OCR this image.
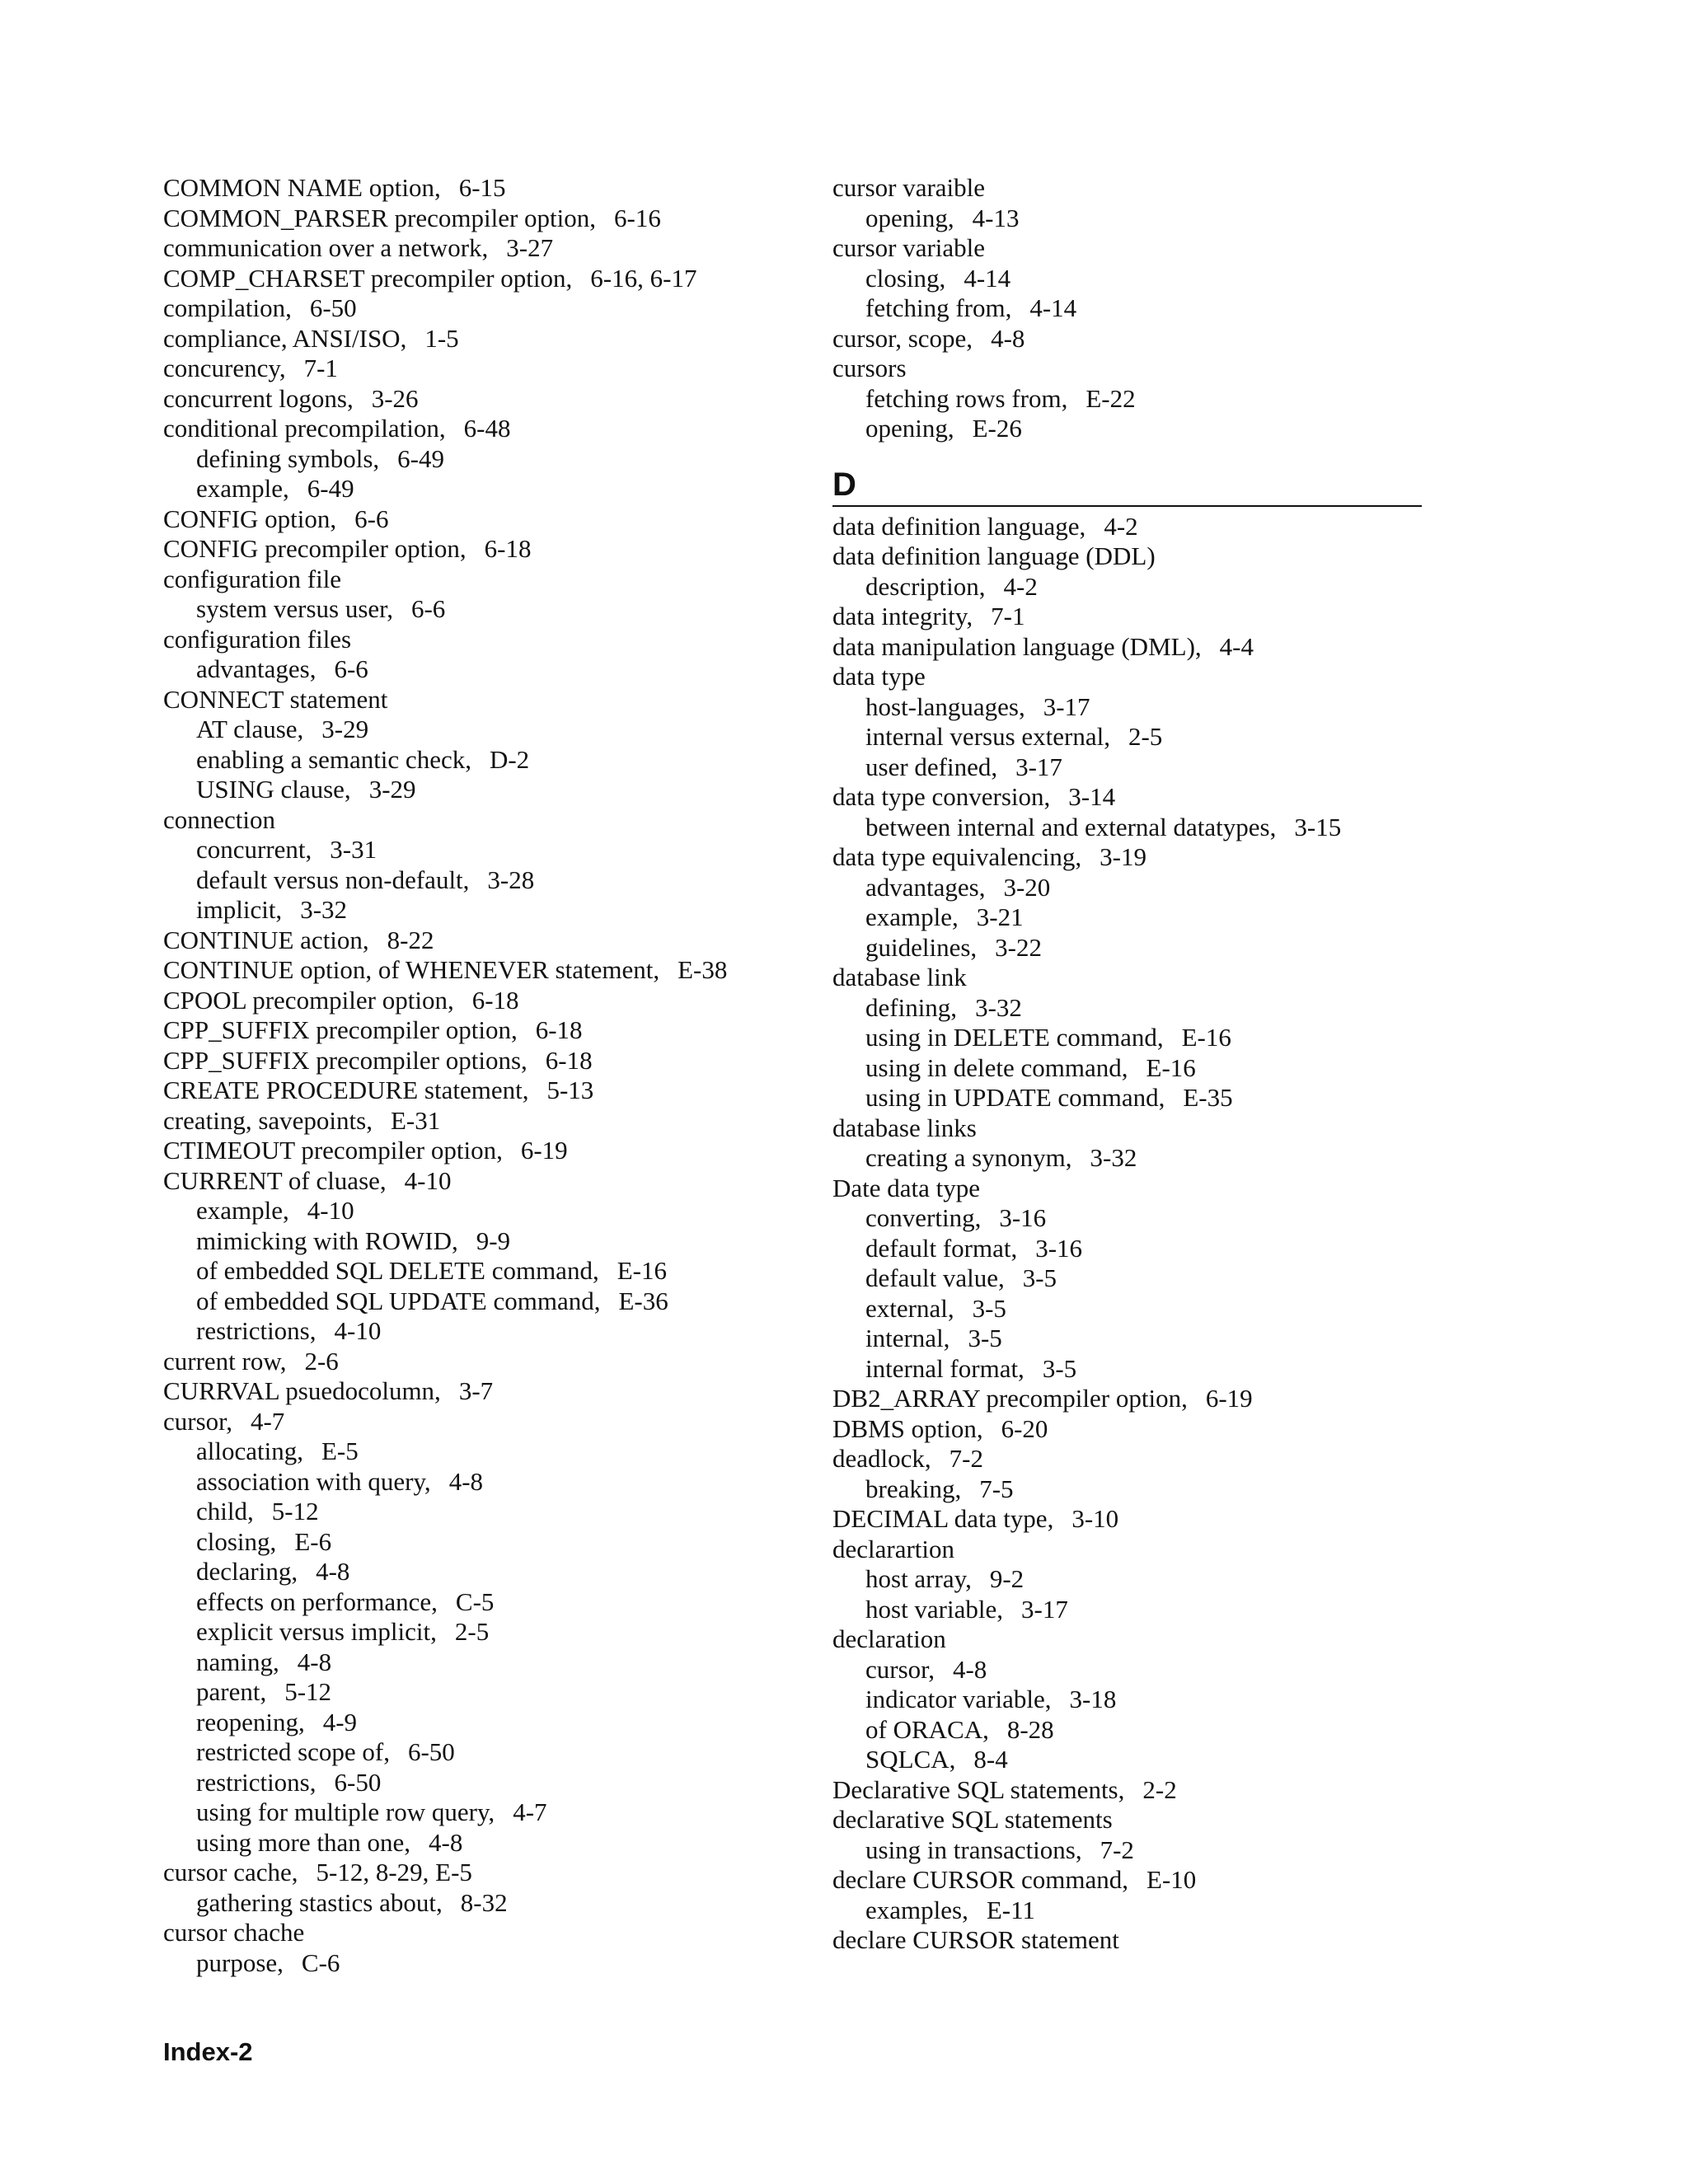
COMMON NAME option, 6-15
COMMON_PARSER precompiler option, 6-16
communication over a network, 3-27
COMP_CHARSET precompiler option, 6-16, 6-17
compilation, 6-50
compliance, ANSI/ISO, 1-5
concurency, 7-1
concurrent logons, 3-26
conditional precompilation, 6-48
defining symbols, 6-49
example, 6-49
CONFIG option, 6-6
CONFIG precompiler option, 6-18
configuration file
system versus user, 6-6
configuration files
advantages, 6-6
CONNECT statement
AT clause, 3-29
enabling a semantic check, D-2
USING clause, 3-29
connection
concurrent, 3-31
default versus non-default, 3-28
implicit, 3-32
CONTINUE action, 8-22
CONTINUE option, of WHENEVER statement, E-38
CPOOL precompiler option, 6-18
CPP_SUFFIX precompiler option, 6-18
CPP_SUFFIX precompiler options, 6-18
CREATE PROCEDURE statement, 5-13
creating, savepoints, E-31
CTIMEOUT precompiler option, 6-19
CURRENT of cluase, 4-10
example, 4-10
mimicking with ROWID, 9-9
of embedded SQL DELETE command, E-16
of embedded SQL UPDATE command, E-36
restrictions, 4-10
current row, 2-6
CURRVAL psuedocolumn, 3-7
cursor, 4-7
allocating, E-5
association with query, 4-8
child, 5-12
closing, E-6
declaring, 4-8
effects on performance, C-5
explicit versus implicit, 2-5
naming, 4-8
parent, 5-12
reopening, 4-9
restricted scope of, 6-50
restrictions, 6-50
using for multiple row query, 4-7
using more than one, 4-8
cursor cache, 5-12, 8-29, E-5
gathering stastics about, 8-32
cursor chache
purpose, C-6
cursor varaible
opening, 4-13
cursor variable
closing, 4-14
fetching from, 4-14
cursor, scope, 4-8
cursors
fetching rows from, E-22
opening, E-26
D
data definition language, 4-2
data definition language (DDL)
description, 4-2
data integrity, 7-1
data manipulation language (DML), 4-4
data type
host-languages, 3-17
internal versus external, 2-5
user defined, 3-17
data type conversion, 3-14
between internal and external datatypes, 3-15
data type equivalencing, 3-19
advantages, 3-20
example, 3-21
guidelines, 3-22
database link
defining, 3-32
using in DELETE command, E-16
using in delete command, E-16
using in UPDATE command, E-35
database links
creating a synonym, 3-32
Date data type
converting, 3-16
default format, 3-16
default value, 3-5
external, 3-5
internal, 3-5
internal format, 3-5
DB2_ARRAY precompiler option, 6-19
DBMS option, 6-20
deadlock, 7-2
breaking, 7-5
DECIMAL data type, 3-10
declarartion
host array, 9-2
host variable, 3-17
declaration
cursor, 4-8
indicator variable, 3-18
of ORACA, 8-28
SQLCA, 8-4
Declarative SQL statements, 2-2
declarative SQL statements
using in transactions, 7-2
declare CURSOR command, E-10
examples, E-11
declare CURSOR statement
Index-2
